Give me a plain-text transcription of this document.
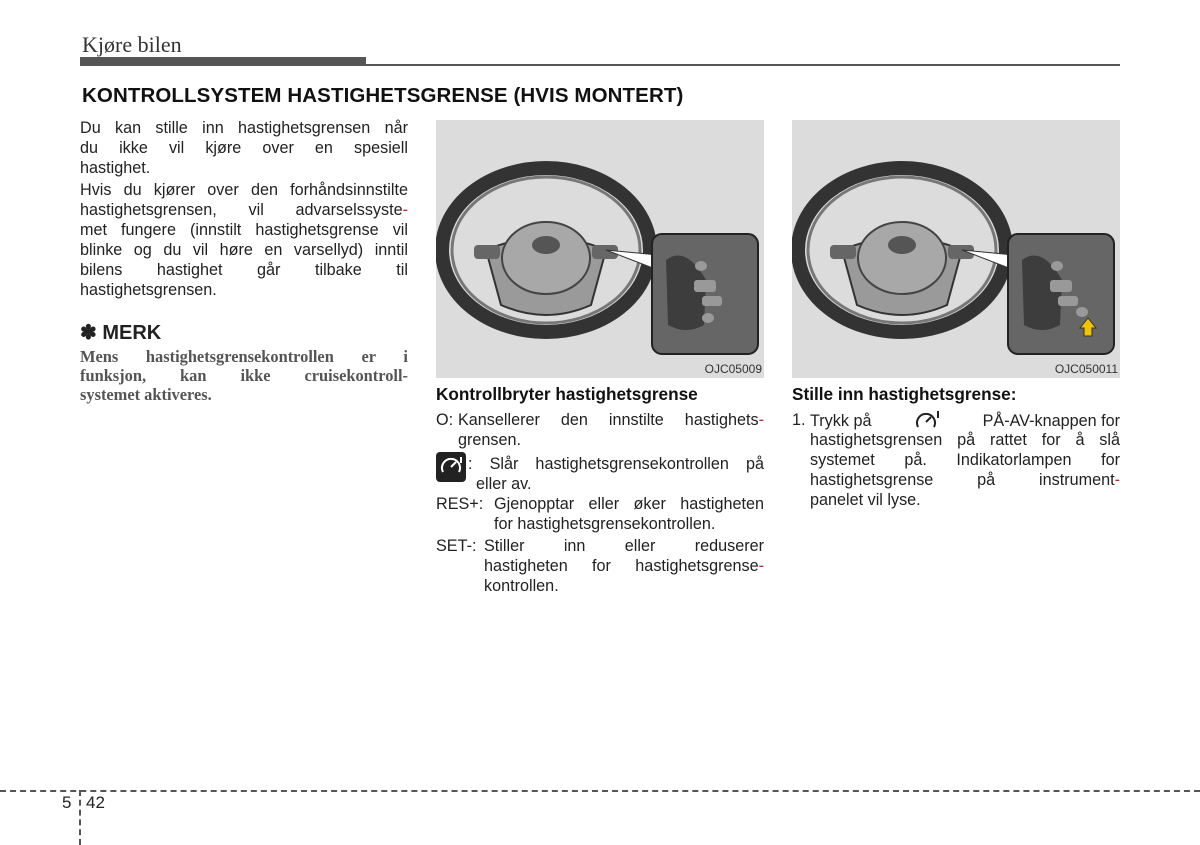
Kjøre bilen
KONTROLLSYSTEM HASTIGHETSGRENSE (HVIS MONTERT)

Du kan stille inn hastighetsgrensen når

du ikke vil kjøre over en spesiell

hastighet.

Hvis du kjører over den forhåndsinnstilte

hastighetsgrensen, vil advarselssyste-

met fungere (innstilt hastighetsgrense vil

blinke og du vil høre en varsellyd) inntil

bilens hastighet går tilbake til

hastighetsgrensen.

✽ MERK

Mens hastighetsgrensekontrollen er i

funksjon, kan ikke cruisekontroll-

systemet aktiveres.

OJC05009	OJC050011
Kontrollbryter hastighetsgrense
O: Kansellerer den innstilte hastighets-
grensen.
: Slår hastighetsgrensekontrollen på
eller av.
RES+: Gjenopptar eller øker hastigheten
for hastighetsgrensekontrollen.
SET-: Stiller inn eller reduserer
hastigheten for hastighetsgrense-
kontrollen.
Stille inn hastighetsgrense:
1. Trykk på	PÅ-AV-knappen for
hastighetsgrensen på rattet for å slå
systemet på. Indikatorlampen for
hastighetsgrense på instrument-
panelet vil lyse.
5 42
